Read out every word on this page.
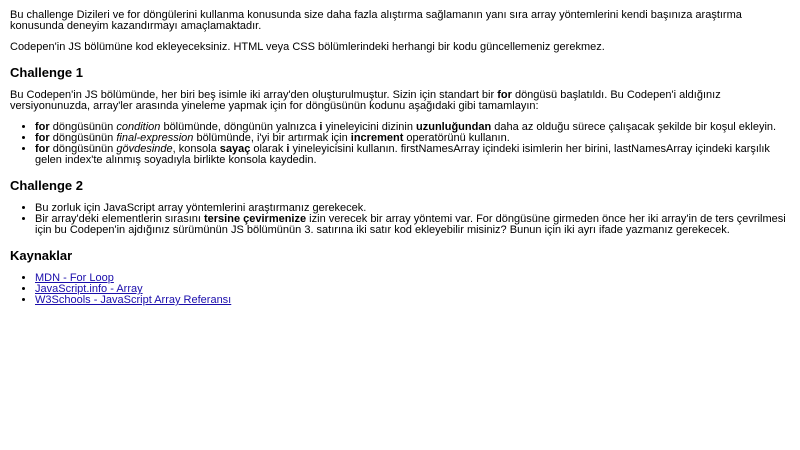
Bu challenge Dizileri ve for döngülerini kullanma konusunda size daha fazla alıştırma sağlamanın yanı sıra array yöntemlerini kendi başınıza araştırma konusunda deneyim kazandırmayı amaçlamaktadır.

Codepen'in JS bölümüne kod ekleyeceksiniz. HTML veya CSS bölümlerindeki herhangi bir kodu güncellemeniz gerekmez.

Challenge 1

Bu Codepen'in JS bölümünde, her biri beş isimle iki array'den oluşturulmuştur. Sizin için standart bir for döngüsü başlatıldı. Bu Codepen'i aldığınız versiyonunuzda, array'ler arasında yineleme yapmak için for döngüsünün kodunu aşağıdaki gibi tamamlayın:

• for döngüsünün condition bölümünde, döngünün yalnızca i yineleyicini dizinin uzunluğundan daha az olduğu sürece çalışacak şekilde bir koşul ekleyin.
• for döngüsünün final-expression bölümünde, i'yi bir artırmak için increment operatörünü kullanın.
• for döngüsünün gövdesinde, konsola sayaç olarak i yineleyicisini kullanın. firstNamesArray içindeki isimlerin her birini, lastNamesArray içindeki karşılık gelen index'te alınmış soyadıyla birlikte konsola kaydedin.
Challenge 2
• Bu zorluk için JavaScript array yöntemlerini araştırmanız gerekecek.
• Bir array'deki elementlerin sırasını tersine çevirmenize izin verecek bir array yöntemi var. For döngüsüne girmeden önce her iki array'in de ters çevrilmesi için bu Codepen'in ajdığınız sürümünün JS bölümünün 3. satırına iki satır kod ekleyebilir misiniz? Bunun için iki ayrı ifade yazmanız gerekecek.
Kaynaklar
• MDN - For Loop
• JavaScript.info - Array
• W3Schools - JavaScript Array Referansı
